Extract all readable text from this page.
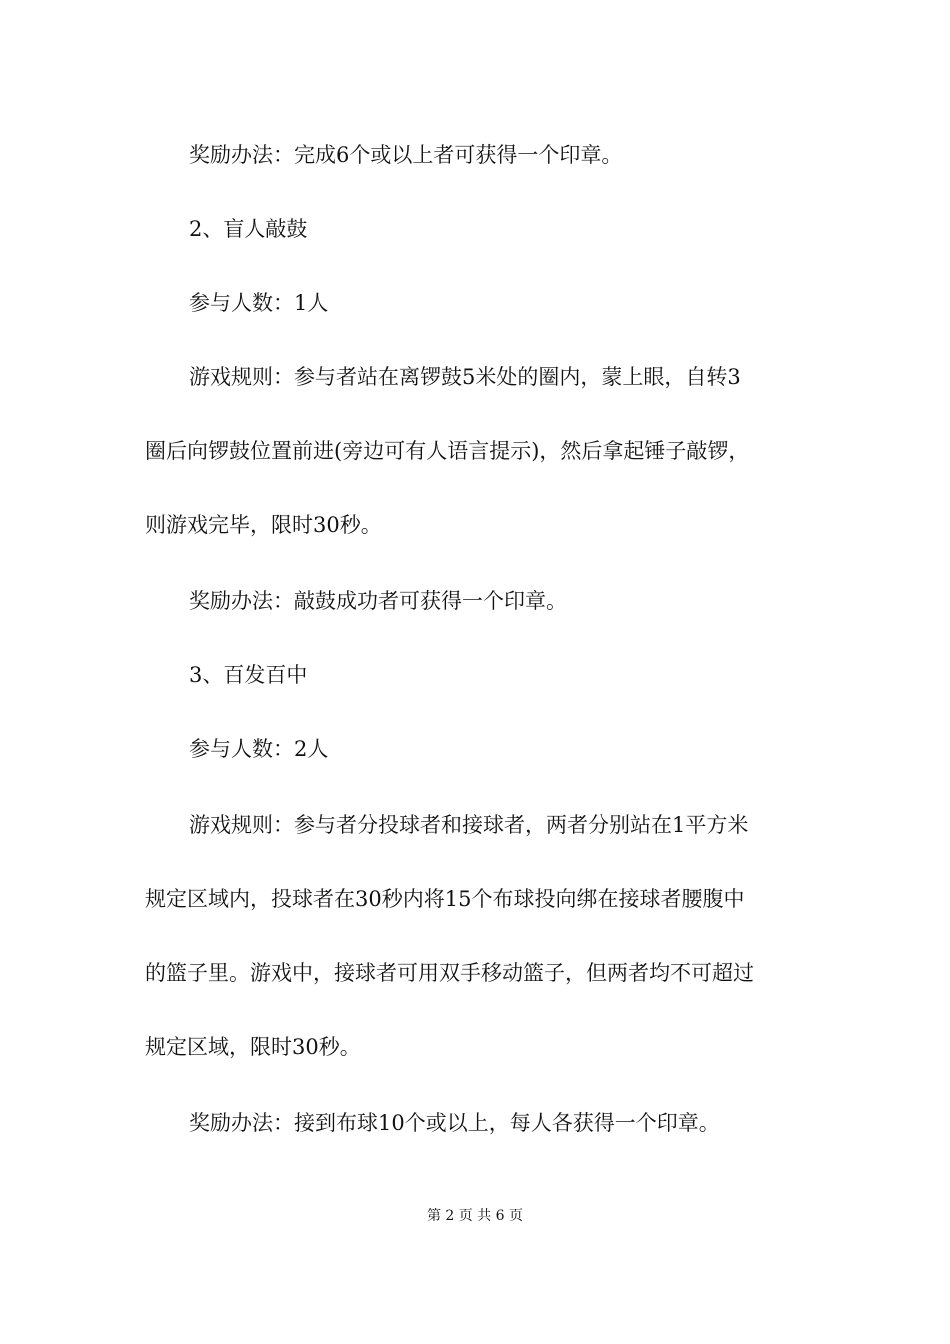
奖励办法：完成6个或以上者可获得一个印章。
2、盲人敲鼓
参与人数：1人
游戏规则：参与者站在离锣鼓5米处的圈内，蒙上眼，自转3
圈后向锣鼓位置前进(旁边可有人语言提示)，然后拿起锤子敲锣，
则游戏完毕，限时30秒。
奖励办法：敲鼓成功者可获得一个印章。
3、百发百中
参与人数：2人
游戏规则：参与者分投球者和接球者，两者分别站在1平方米
规定区域内，投球者在30秒内将15个布球投向绑在接球者腰腹中
的篮子里。游戏中，接球者可用双手移动篮子，但两者均不可超过
规定区域，限时30秒。
奖励办法：接到布球10个或以上，每人各获得一个印章。
第 2 页 共 6 页
